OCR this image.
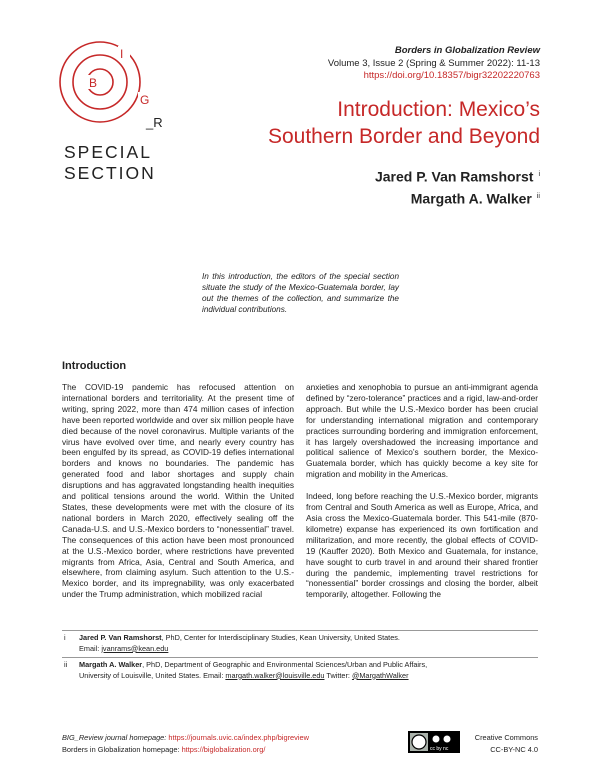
I
B
G
_R
SPECIAL
SECTION
Borders in Globalization Review
Volume 3, Issue 2 (Spring & Summer 2022): 11-13
https://doi.org/10.18357/bigr32202220763
Introduction: Mexico’s
Southern Border and Beyond
Jared P. Van Ramshorst $^i$
Margath A. Walker $^{ii}$
In this introduction, the editors of the special section situate the study of the Mexico-Guatemala border, lay out the themes of the collection, and summarize the individual contributions.
Introduction

The COVID-19 pandemic has refocused attention on international borders and territoriality. At the present time of writing, spring 2022, more than 474 million cases of infection have been reported worldwide and over six million people have died because of the novel coronavirus. Multiple variants of the virus have evolved over time, and nearly every country has been engulfed by its spread, as COVID-19 defies international borders and knows no boundaries. The pandemic has generated food and labor shortages and supply chain disruptions and has aggravated longstanding health inequities and political tensions around the world. Within the United States, these developments were met with the closure of its national borders in March 2020, effectively sealing off the Canada-U.S. and U.S.-Mexico borders to “nonessential” travel. The consequences of this action have been most pronounced at the U.S.-Mexico border, where restrictions have prevented migrants from Africa, Asia, Central and South America, and elsewhere, from claiming asylum. Such attention to the U.S.-Mexico border, and its impregnability, was only exacerbated under the Trump administration, which mobilized racial

anxieties and xenophobia to pursue an anti-immigrant agenda defined by “zero-tolerance” practices and a rigid, law-and-order approach. But while the U.S.-Mexico border has been crucial for understanding international migration and contemporary practices surrounding bordering and immigration enforcement, it has largely overshadowed the increasing importance and political salience of Mexico’s southern border, the Mexico-Guatemala border, which has quickly become a key site for migration and mobility in the Americas.

Indeed, long before reaching the U.S.-Mexico border, migrants from Central and South America as well as Europe, Africa, and Asia cross the Mexico-Guatemala border. This 541-mile (870-kilometre) expanse has experienced its own fortification and militarization, and more recently, the global effects of COVID-19 (Kauffer 2020). Both Mexico and Guatemala, for instance, have sought to curb travel in and around their shared frontier during the pandemic, implementing travel restrictions for “nonessential” border crossings and closing the border, albeit temporarily, altogether. Following the

i Jared P. Van Ramshorst, PhD, Center for Interdisciplinary Studies, Kean University, United States.
Email: jvanrams@kean.edu
ii Margath A. Walker, PhD, Department of Geographic and Environmental Sciences/Urban and Public Affairs,
University of Louisville, United States. Email: margath.walker@louisville.edu Twitter: @MargathWalker
BIG_Review journal homepage: https://journals.uvic.ca/index.php/bigreview
Borders in Globalization homepage: https://biglobalization.org/	cc by nc
Creative Commons
CC-BY-NC 4.0
